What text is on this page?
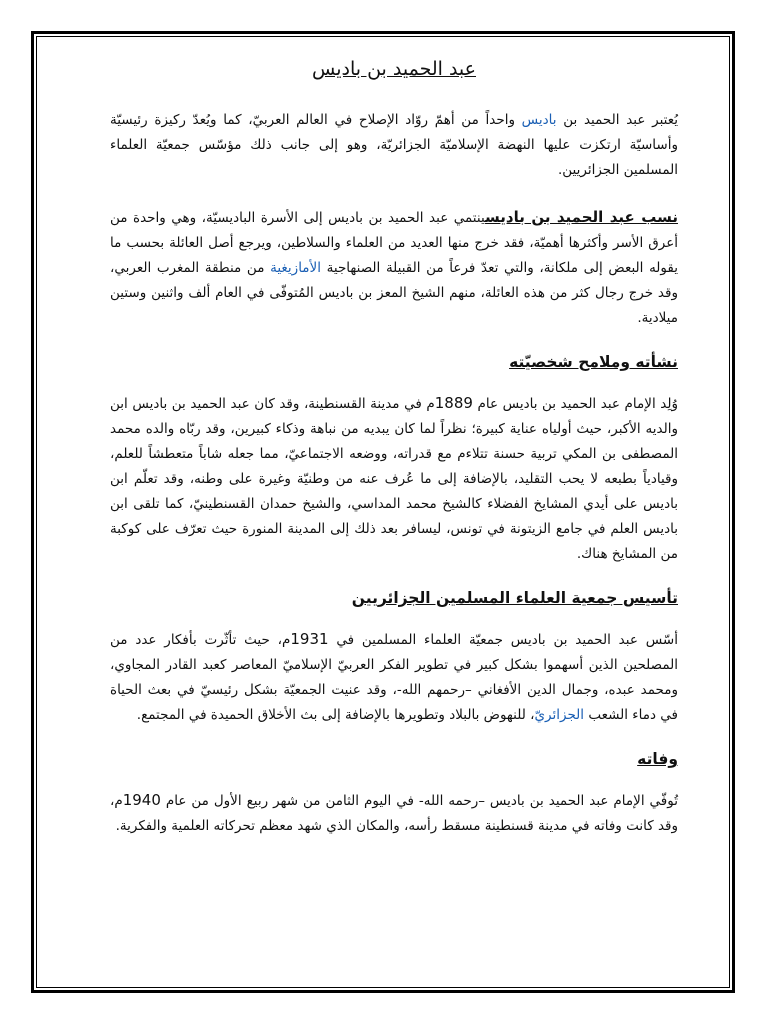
عبد الحميد بن باديس

يُعتبر عبد الحميد بن باديس واحداً من أهمّ روّاد الإصلاح في العالم العربيّ، كما ويُعدّ ركيزة رئيسيّة وأساسيّة ارتكزت عليها النهضة الإسلاميّة الجزائريّة، وهو إلى جانب ذلك مؤسّس جمعيّة العلماء المسلمين الجزائريين.

نسب عبد الحميد بن باديسينتمي عبد الحميد بن باديس إلى الأسرة الباديسيّة، وهي واحدة من أعرق الأسر وأكثرها أهميّة، فقد خرج منها العديد من العلماء والسلاطين، ويرجع أصل العائلة بحسب ما يقوله البعض إلى ملكانة، والتي تعدّ فرعاً من القبيلة الصنهاجية الأمازيغية من منطقة المغرب العربي، وقد خرج رجال كثر من هذه العائلة، منهم الشيخ المعز بن باديس المُتوفّى في العام ألف واثنين وستين ميلادية.

نشأته وملامح شخصيّته

وُلِد الإمام عبد الحميد بن باديس عام 1889م في مدينة القسنطينة، وقد كان عبد الحميد بن باديس ابن والديه الأكبر، حيث أولياه عناية كبيرة؛ نظراً لما كان يبديه من نباهة وذكاء كبيرين، وقد ربّاه والده محمد المصطفى بن المكي تربية حسنة تتلاءم مع قدراته، ووضعه الاجتماعيّ، مما جعله شاباً متعطشاً للعلم، وقيادياً بطبعه لا يحب التقليد، بالإضافة إلى ما عُرف عنه من وطنيّة وغيرة على وطنه، وقد تعلّم ابن باديس على أيدي المشايخ الفضلاء كالشيخ محمد المداسي، والشيخ حمدان القسنطينيّ، كما تلقى ابن باديس العلم في جامع الزيتونة في تونس، ليسافر بعد ذلك إلى المدينة المنورة حيث تعرّف على كوكبة من المشايخ هناك.

تأسيس جمعية العلماء المسلمين الجزائريين

أسّس عبد الحميد بن باديس جمعيّة العلماء المسلمين في 1931م، حيث تأثّرت بأفكار عدد من المصلحين الذين أسهموا بشكل كبير في تطوير الفكر العربيّ الإسلاميّ المعاصر كعبد القادر المجاوي، ومحمد عبده، وجمال الدين الأفغاني –رحمهم الله-، وقد عنيت الجمعيّة بشكل رئيسيّ في بعث الحياة في دماء الشعب الجزائريّ، للنهوض بالبلاد وتطويرها بالإضافة إلى بث الأخلاق الحميدة في المجتمع.

وفاته

تُوفّي الإمام عبد الحميد بن باديس –رحمه الله- في اليوم الثامن من شهر ربيع الأول من عام 1940م، وقد كانت وفاته في مدينة قسنطينة مسقط رأسه، والمكان الذي شهد معظم تحركاته العلمية والفكرية.
